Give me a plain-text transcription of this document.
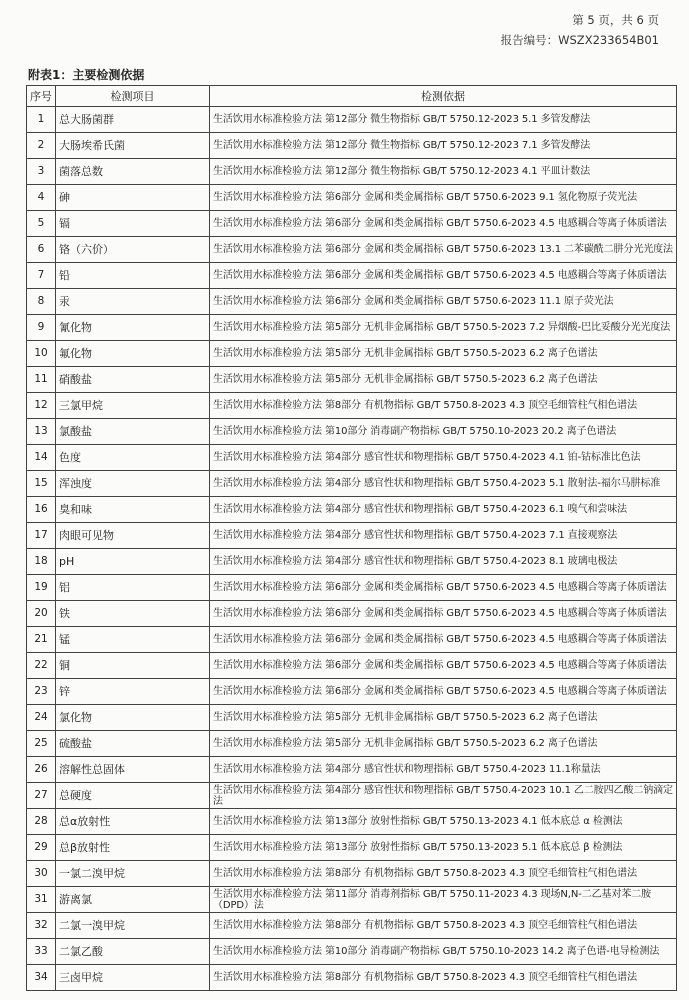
第 5 页，共 6 页
报告编号：WSZX233654B01
附表1：主要检测依据
序号	检测项目	检测依据
1	总大肠菌群	生活饮用水标准检验方法 第12部分 微生物指标 GB/T 5750.12-2023 5.1 多管发酵法
2	大肠埃希氏菌	生活饮用水标准检验方法 第12部分 微生物指标 GB/T 5750.12-2023 7.1 多管发酵法
3	菌落总数	生活饮用水标准检验方法 第12部分 微生物指标 GB/T 5750.12-2023 4.1 平皿计数法
4	砷	生活饮用水标准检验方法 第6部分 金属和类金属指标 GB/T 5750.6-2023 9.1 氢化物原子荧光法
5	镉	生活饮用水标准检验方法 第6部分 金属和类金属指标 GB/T 5750.6-2023 4.5 电感耦合等离子体质谱法
6	铬（六价）	生活饮用水标准检验方法 第6部分 金属和类金属指标 GB/T 5750.6-2023 13.1 二苯碳酰二肼分光光度法
7	铅	生活饮用水标准检验方法 第6部分 金属和类金属指标 GB/T 5750.6-2023 4.5 电感耦合等离子体质谱法
8	汞	生活饮用水标准检验方法 第6部分 金属和类金属指标 GB/T 5750.6-2023 11.1 原子荧光法
9	氰化物	生活饮用水标准检验方法 第5部分 无机非金属指标 GB/T 5750.5-2023 7.2 异烟酸-巴比妥酸分光光度法
10	氟化物	生活饮用水标准检验方法 第5部分 无机非金属指标 GB/T 5750.5-2023 6.2 离子色谱法
11	硝酸盐	生活饮用水标准检验方法 第5部分 无机非金属指标 GB/T 5750.5-2023 6.2 离子色谱法
12	三氯甲烷	生活饮用水标准检验方法 第8部分 有机物指标 GB/T 5750.8-2023 4.3 顶空毛细管柱气相色谱法
13	氯酸盐	生活饮用水标准检验方法 第10部分 消毒副产物指标 GB/T 5750.10-2023 20.2 离子色谱法
14	色度	生活饮用水标准检验方法 第4部分 感官性状和物理指标 GB/T 5750.4-2023 4.1 铂-钴标准比色法
15	浑浊度	生活饮用水标准检验方法 第4部分 感官性状和物理指标 GB/T 5750.4-2023 5.1 散射法-福尔马肼标准
16	臭和味	生活饮用水标准检验方法 第4部分 感官性状和物理指标 GB/T 5750.4-2023 6.1 嗅气和尝味法
17	肉眼可见物	生活饮用水标准检验方法 第4部分 感官性状和物理指标 GB/T 5750.4-2023 7.1 直接观察法
18	pH	生活饮用水标准检验方法 第4部分 感官性状和物理指标 GB/T 5750.4-2023 8.1 玻璃电极法
19	铝	生活饮用水标准检验方法 第6部分 金属和类金属指标 GB/T 5750.6-2023 4.5 电感耦合等离子体质谱法
20	铁	生活饮用水标准检验方法 第6部分 金属和类金属指标 GB/T 5750.6-2023 4.5 电感耦合等离子体质谱法
21	锰	生活饮用水标准检验方法 第6部分 金属和类金属指标 GB/T 5750.6-2023 4.5 电感耦合等离子体质谱法
22	铜	生活饮用水标准检验方法 第6部分 金属和类金属指标 GB/T 5750.6-2023 4.5 电感耦合等离子体质谱法
23	锌	生活饮用水标准检验方法 第6部分 金属和类金属指标 GB/T 5750.6-2023 4.5 电感耦合等离子体质谱法
24	氯化物	生活饮用水标准检验方法 第5部分 无机非金属指标 GB/T 5750.5-2023 6.2 离子色谱法
25	硫酸盐	生活饮用水标准检验方法 第5部分 无机非金属指标 GB/T 5750.5-2023 6.2 离子色谱法
26	溶解性总固体	生活饮用水标准检验方法 第4部分 感官性状和物理指标 GB/T 5750.4-2023 11.1称量法
27	总硬度	生活饮用水标准检验方法 第4部分 感官性状和物理指标 GB/T 5750.4-2023 10.1 乙二胺四乙酸二钠滴定法
28	总α放射性	生活饮用水标准检验方法 第13部分 放射性指标 GB/T 5750.13-2023 4.1 低本底总 α 检测法
29	总β放射性	生活饮用水标准检验方法 第13部分 放射性指标 GB/T 5750.13-2023 5.1 低本底总 β 检测法
30	一氯二溴甲烷	生活饮用水标准检验方法 第8部分 有机物指标 GB/T 5750.8-2023 4.3 顶空毛细管柱气相色谱法
31	游离氯	生活饮用水标准检验方法 第11部分 消毒剂指标 GB/T 5750.11-2023 4.3 现场N,N-二乙基对苯二胺（DPD）法
32	二氯一溴甲烷	生活饮用水标准检验方法 第8部分 有机物指标 GB/T 5750.8-2023 4.3 顶空毛细管柱气相色谱法
33	二氯乙酸	生活饮用水标准检验方法 第10部分 消毒副产物指标 GB/T 5750.10-2023 14.2 离子色谱-电导检测法
34	三卤甲烷	生活饮用水标准检验方法 第8部分 有机物指标 GB/T 5750.8-2023 4.3 顶空毛细管柱气相色谱法
